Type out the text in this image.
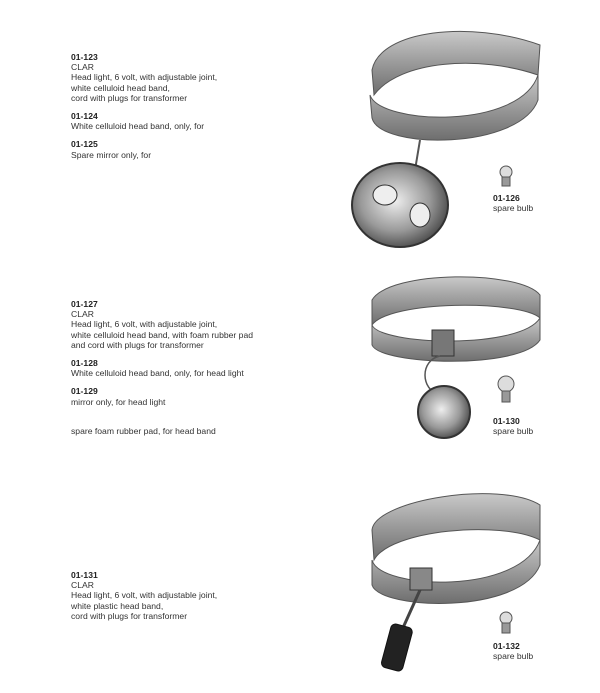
01-123
CLAR
Head light, 6 volt, with adjustable joint,
white celluloid head band,
cord with plugs for transformer
01-124
White celluloid head band, only, for
01-125
Spare mirror only, for
01-126
spare bulb
01-127
CLAR
Head light, 6 volt, with adjustable joint,
white celluloid head band, with foam rubber pad
and cord with plugs for transformer
01-128
White celluloid head band, only, for head light
01-129
mirror only, for head light
spare foam rubber pad, for head band
01-130
spare bulb
01-131
CLAR
Head light, 6 volt, with adjustable joint,
white plastic head band,
cord with plugs for transformer
01-132
spare bulb
